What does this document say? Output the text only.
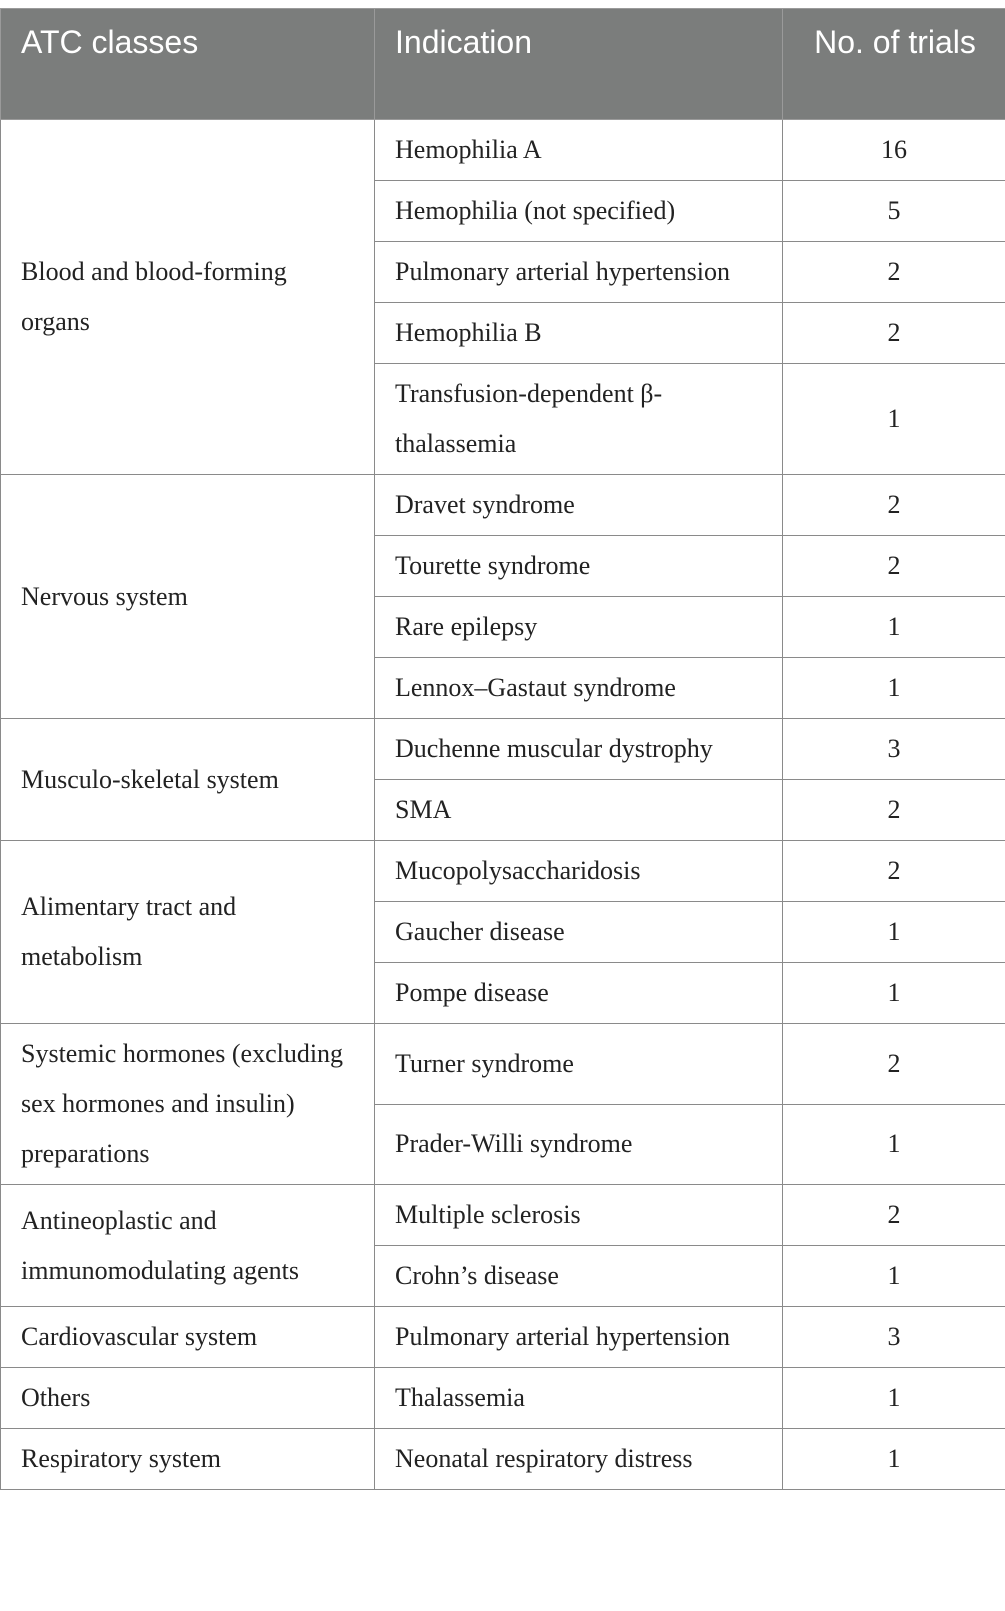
ATC classes	Indication	No. of trials
Blood and blood-forming organs	Hemophilia A	16
	Hemophilia (not specified)	5
	Pulmonary arterial hypertension	2
	Hemophilia B	2
	Transfusion-dependent β-thalassemia	1
Nervous system	Dravet syndrome	2
	Tourette syndrome	2
	Rare epilepsy	1
	Lennox–Gastaut syndrome	1
Musculo-skeletal system	Duchenne muscular dystrophy	3
	SMA	2
Alimentary tract and metabolism	Mucopolysaccharidosis	2
	Gaucher disease	1
	Pompe disease	1
Systemic hormones (excluding sex hormones and insulin) preparations	Turner syndrome	2
	Prader-Willi syndrome	1
Antineoplastic and immunomodulating agents	Multiple sclerosis	2
	Crohn’s disease	1
Cardiovascular system	Pulmonary arterial hypertension	3
Others	Thalassemia	1
Respiratory system	Neonatal respiratory distress	1
